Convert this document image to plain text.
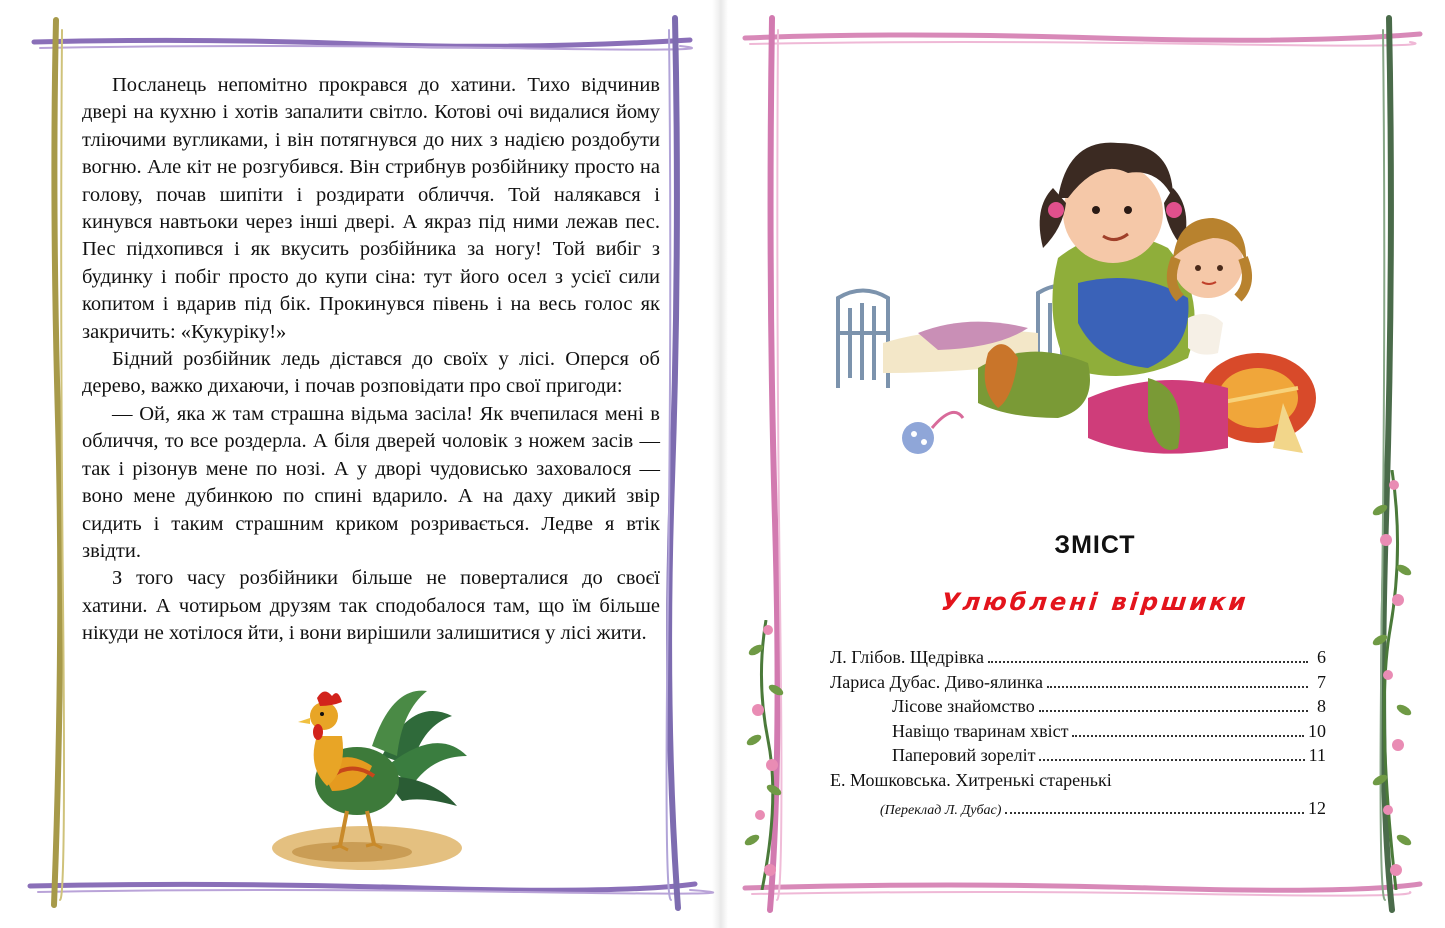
Посланець непомітно прокрався до хатини. Тихо відчинив двері на кухню і хотів запалити світло. Котові очі видалися йому тліючими вугликами, і він потягнувся до них з надією роздобути вогню. Але кіт не розгубився. Він стрибнув розбійнику просто на голову, почав шипіти і роздирати обличчя. Той налякався і кинувся навтьоки через інші двері. А якраз під ними лежав пес. Пес підхопився і як вкусить розбійника за ногу! Той вибіг з будинку і побіг просто до купи сіна: тут його осел з усієї сили копитом і вдарив під бік. Прокинувся півень і на весь голос як закричить: «Кукуріку!»

Бідний розбійник ледь дістався до своїх у лісі. Оперся об дерево, важко дихаючи, і почав розповідати про свої пригоди:

— Ой, яка ж там страшна відьма засіла! Як вчепилася мені в обличчя, то все роздерла. А біля дверей чоловік з ножем засів — так і різонув мене по нозі. А у дворі чудовисько заховалося — воно мене дубинкою по спині вдарило. А на даху дикий звір сидить і таким страшним криком розривається. Ледве я втік звідти.

З того часу розбійники більше не поверталися до своєї хатини. А чотирьом друзям так сподобалося там, що їм більше нікуди не хотілося йти, і вони вирішили залишитися у лісі жити.

ЗМІСТ
Улюблені віршики
Л. Глібов. Щедрівка	6
Лариса Дубас. Диво-ялинка	7
Лісове знайомство	8
Навіщо тваринам хвіст	10
Паперовий зореліт	11
Е. Мошковська. Хитренькі старенькі
(Переклад Л. Дубас)	12
